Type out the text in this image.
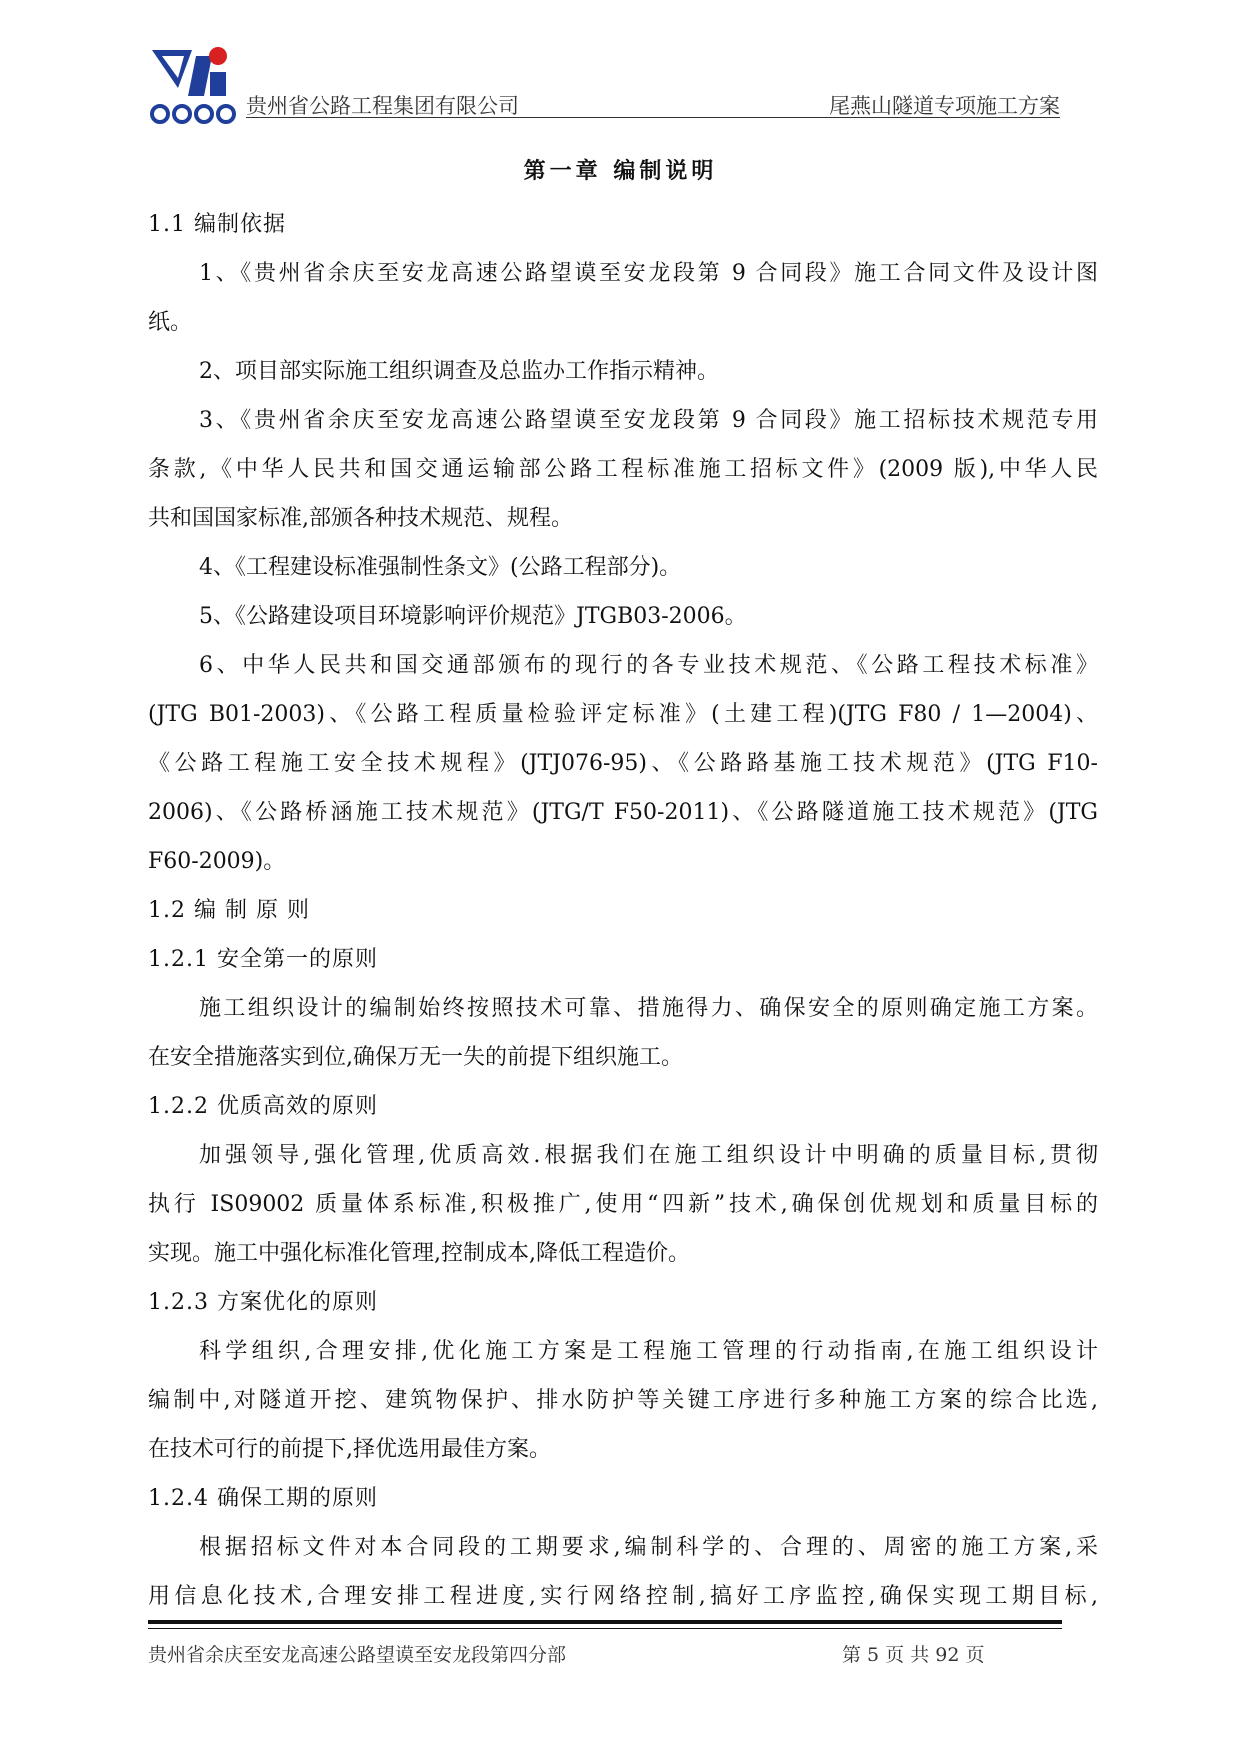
贵州省公路工程集团有限公司	尾燕山隧道专项施工方案
第一章 编制说明
1.1 编制依据
1、《贵州省余庆至安龙高速公路望谟至安龙段第 9 合同段》施工合同文件及设计图
纸。
2、项目部实际施工组织调查及总监办工作指示精神。
3、《贵州省余庆至安龙高速公路望谟至安龙段第 9 合同段》施工招标技术规范专用
条款,《中华人民共和国交通运输部公路工程标准施工招标文件》(2009 版),中华人民
共和国国家标准,部颁各种技术规范、规程。
4、《工程建设标准强制性条文》(公路工程部分)。
5、《公路建设项目环境影响评价规范》JTGB03-2006。
6、中华人民共和国交通部颁布的现行的各专业技术规范、《公路工程技术标准》
(JTG B01-2003)、《公路工程质量检验评定标准》(土建工程)(JTG F80 / 1—2004)、
《公路工程施工安全技术规程》(JTJ076-95)、《公路路基施工技术规范》(JTG F10-
2006)、《公路桥涵施工技术规范》(JTG/T F50-2011)、《公路隧道施工技术规范》(JTG
F60-2009)。
1.2 编 制 原 则
1.2.1 安全第一的原则
施工组织设计的编制始终按照技术可靠、措施得力、确保安全的原则确定施工方案。
在安全措施落实到位,确保万无一失的前提下组织施工。
1.2.2 优质高效的原则
加强领导,强化管理,优质高效.根据我们在施工组织设计中明确的质量目标,贯彻
执行 IS09002 质量体系标准,积极推广,使用“四新”技术,确保创优规划和质量目标的
实现。施工中强化标准化管理,控制成本,降低工程造价。
1.2.3 方案优化的原则
科学组织,合理安排,优化施工方案是工程施工管理的行动指南,在施工组织设计
编制中,对隧道开挖、建筑物保护、排水防护等关键工序进行多种施工方案的综合比选,
在技术可行的前提下,择优选用最佳方案。
1.2.4 确保工期的原则
根据招标文件对本合同段的工期要求,编制科学的、合理的、周密的施工方案,采
用信息化技术,合理安排工程进度,实行网络控制,搞好工序监控,确保实现工期目标,
贵州省余庆至安龙高速公路望谟至安龙段第四分部	第 5 页 共 92 页
